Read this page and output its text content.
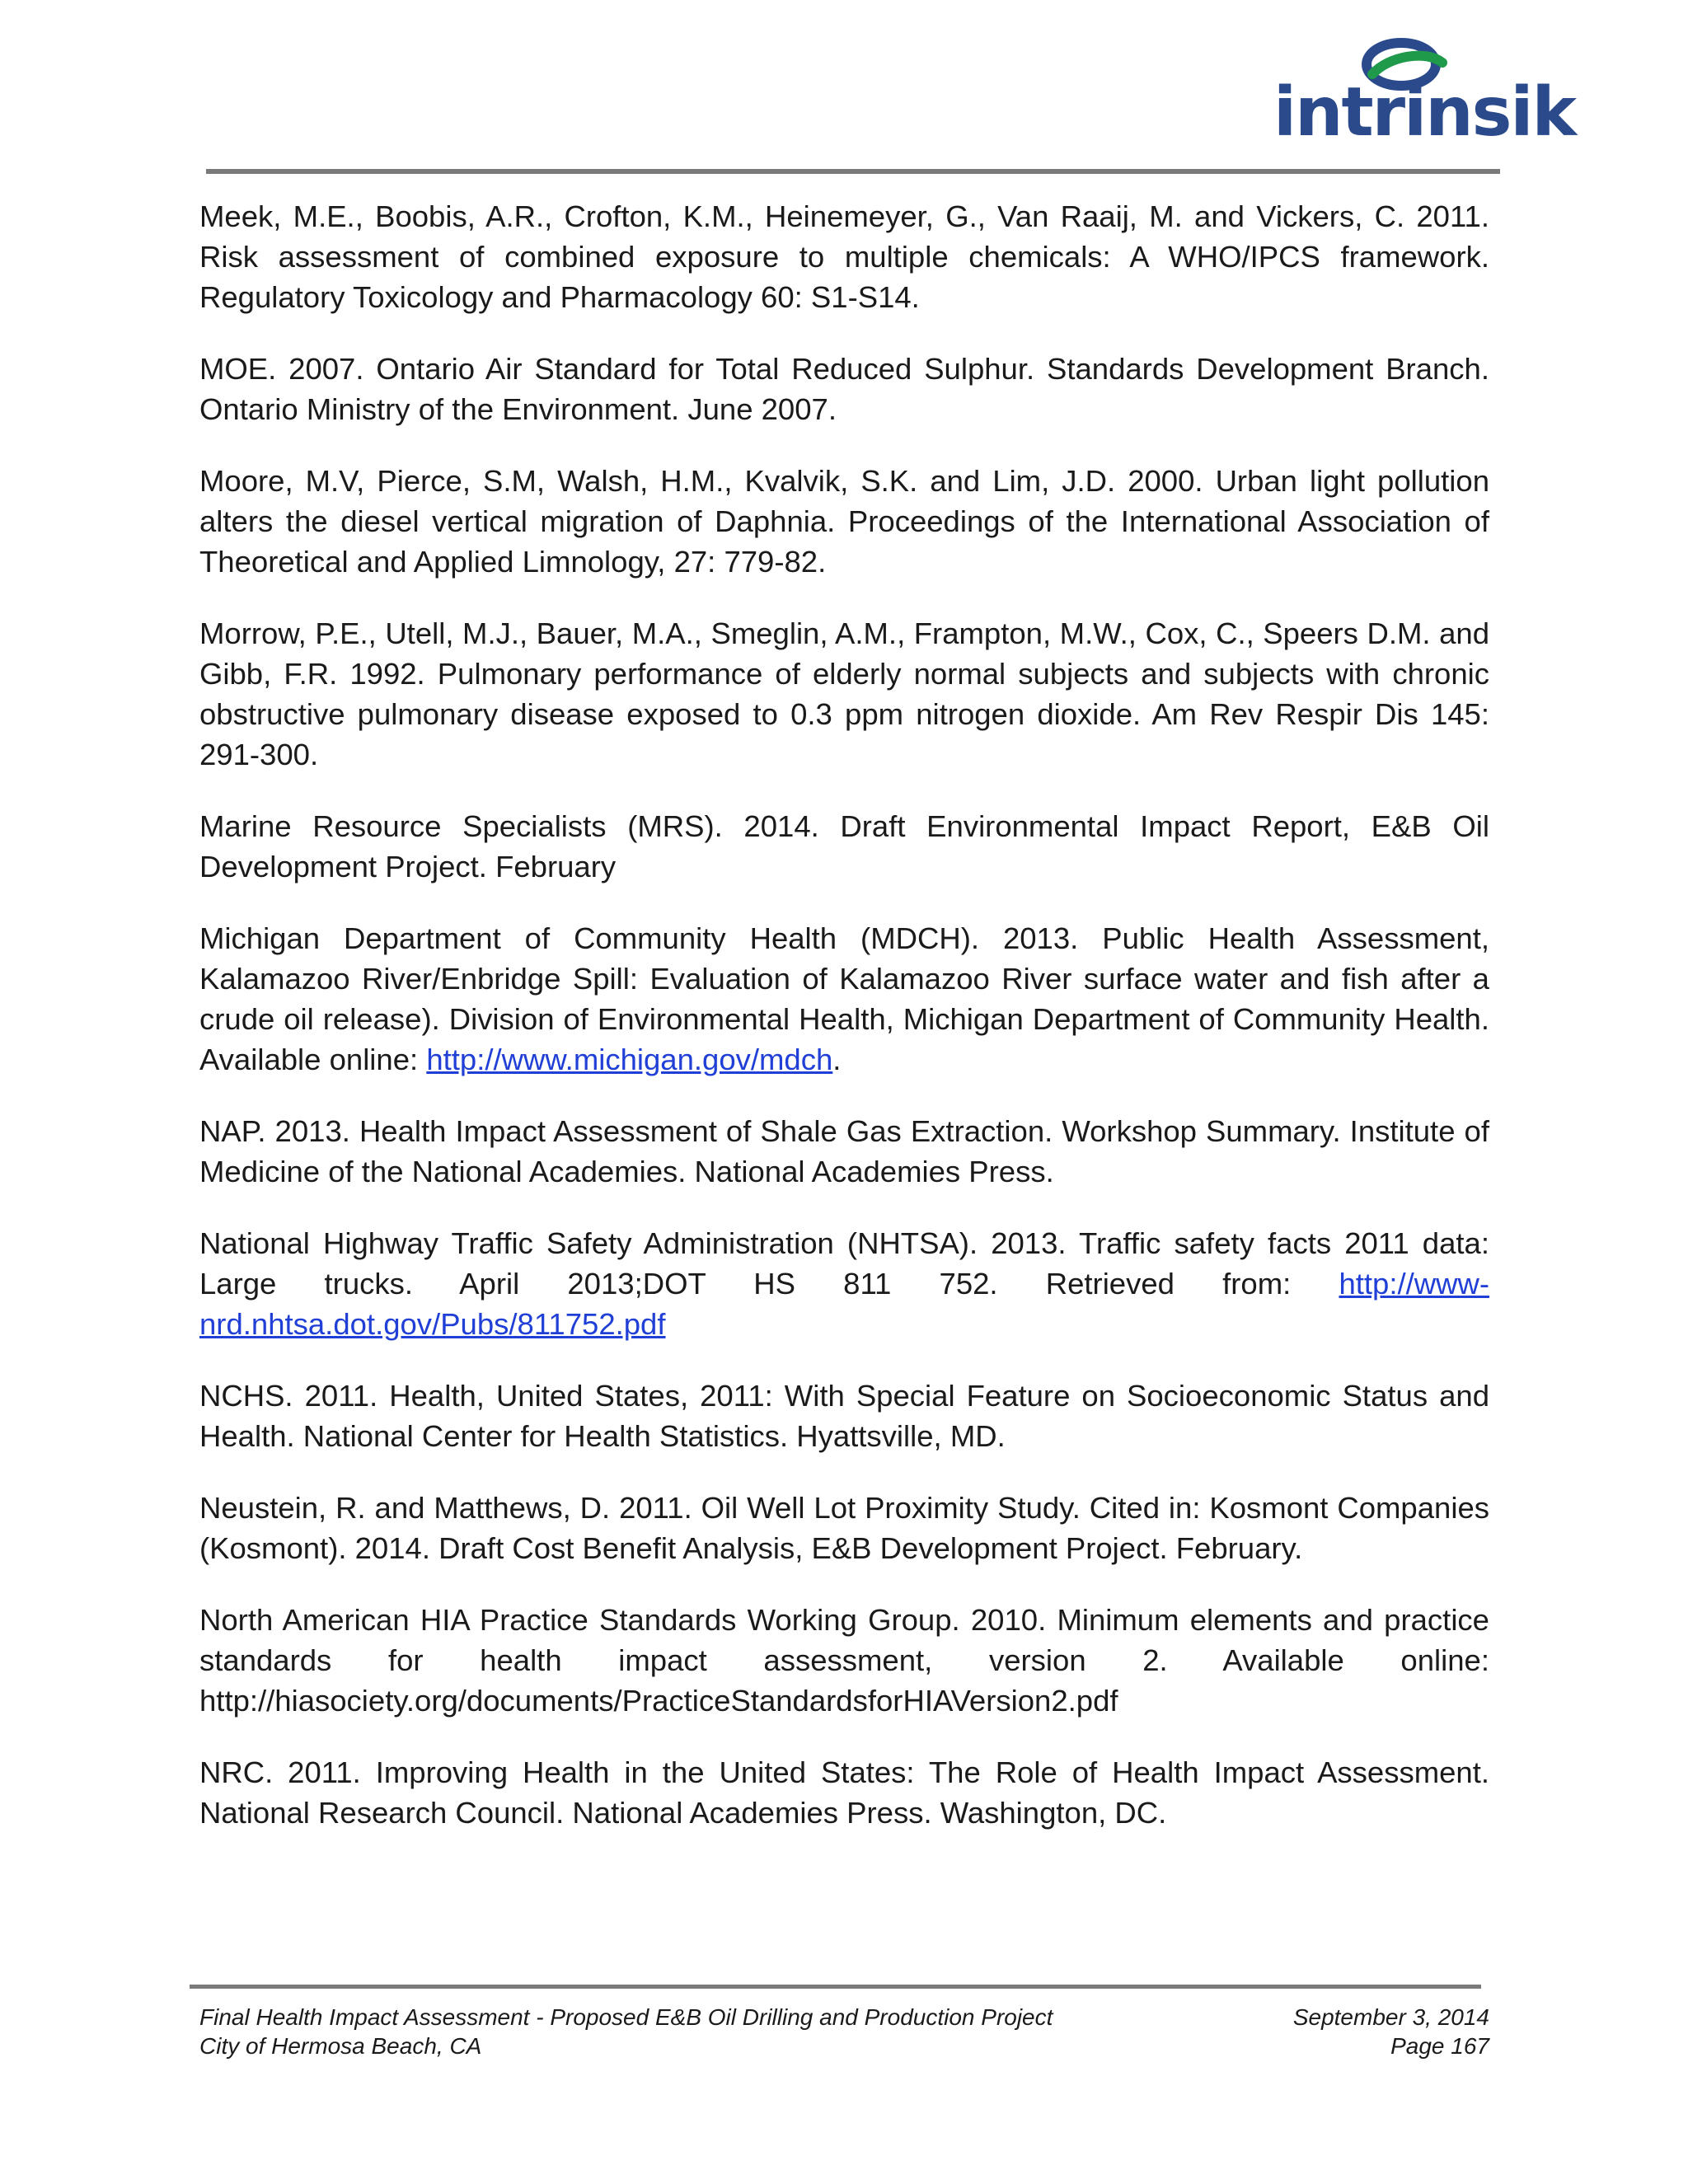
intrinsik

Meek, M.E., Boobis, A.R., Crofton, K.M., Heinemeyer, G., Van Raaij, M. and Vickers, C. 2011. Risk assessment of combined exposure to multiple chemicals: A WHO/IPCS framework. Regulatory Toxicology and Pharmacology 60: S1-S14.

MOE. 2007. Ontario Air Standard for Total Reduced Sulphur. Standards Development Branch. Ontario Ministry of the Environment. June 2007.

Moore, M.V, Pierce, S.M, Walsh, H.M., Kvalvik, S.K. and Lim, J.D. 2000. Urban light pollution alters the diesel vertical migration of Daphnia. Proceedings of the International Association of Theoretical and Applied Limnology, 27: 779-82.

Morrow, P.E., Utell, M.J., Bauer, M.A., Smeglin, A.M., Frampton, M.W., Cox, C., Speers D.M. and Gibb, F.R. 1992. Pulmonary performance of elderly normal subjects and subjects with chronic obstructive pulmonary disease exposed to 0.3 ppm nitrogen dioxide. Am Rev Respir Dis 145: 291-300.

Marine Resource Specialists (MRS). 2014. Draft Environmental Impact Report, E&B Oil Development Project. February

Michigan Department of Community Health (MDCH). 2013. Public Health Assessment, Kalamazoo River/Enbridge Spill: Evaluation of Kalamazoo River surface water and fish after a crude oil release). Division of Environmental Health, Michigan Department of Community Health. Available online: http://www.michigan.gov/mdch.

NAP. 2013. Health Impact Assessment of Shale Gas Extraction. Workshop Summary. Institute of Medicine of the National Academies. National Academies Press.

National Highway Traffic Safety Administration (NHTSA). 2013. Traffic safety facts 2011 data: Large trucks. April 2013;DOT HS 811 752. Retrieved from: http://www-nrd.nhtsa.dot.gov/Pubs/811752.pdf

NCHS. 2011. Health, United States, 2011: With Special Feature on Socioeconomic Status and Health. National Center for Health Statistics. Hyattsville, MD.

Neustein, R. and Matthews, D. 2011. Oil Well Lot Proximity Study. Cited in: Kosmont Companies (Kosmont). 2014. Draft Cost Benefit Analysis, E&B Development Project. February.

North American HIA Practice Standards Working Group. 2010. Minimum elements and practice standards for health impact assessment, version 2. Available online: http://hiasociety.org/documents/PracticeStandardsforHIAVersion2.pdf

NRC. 2011. Improving Health in the United States: The Role of Health Impact Assessment. National Research Council. National Academies Press. Washington, DC.

Final Health Impact Assessment - Proposed E&B Oil Drilling and Production Project	September 3, 2014
City of Hermosa Beach, CA	Page 167
